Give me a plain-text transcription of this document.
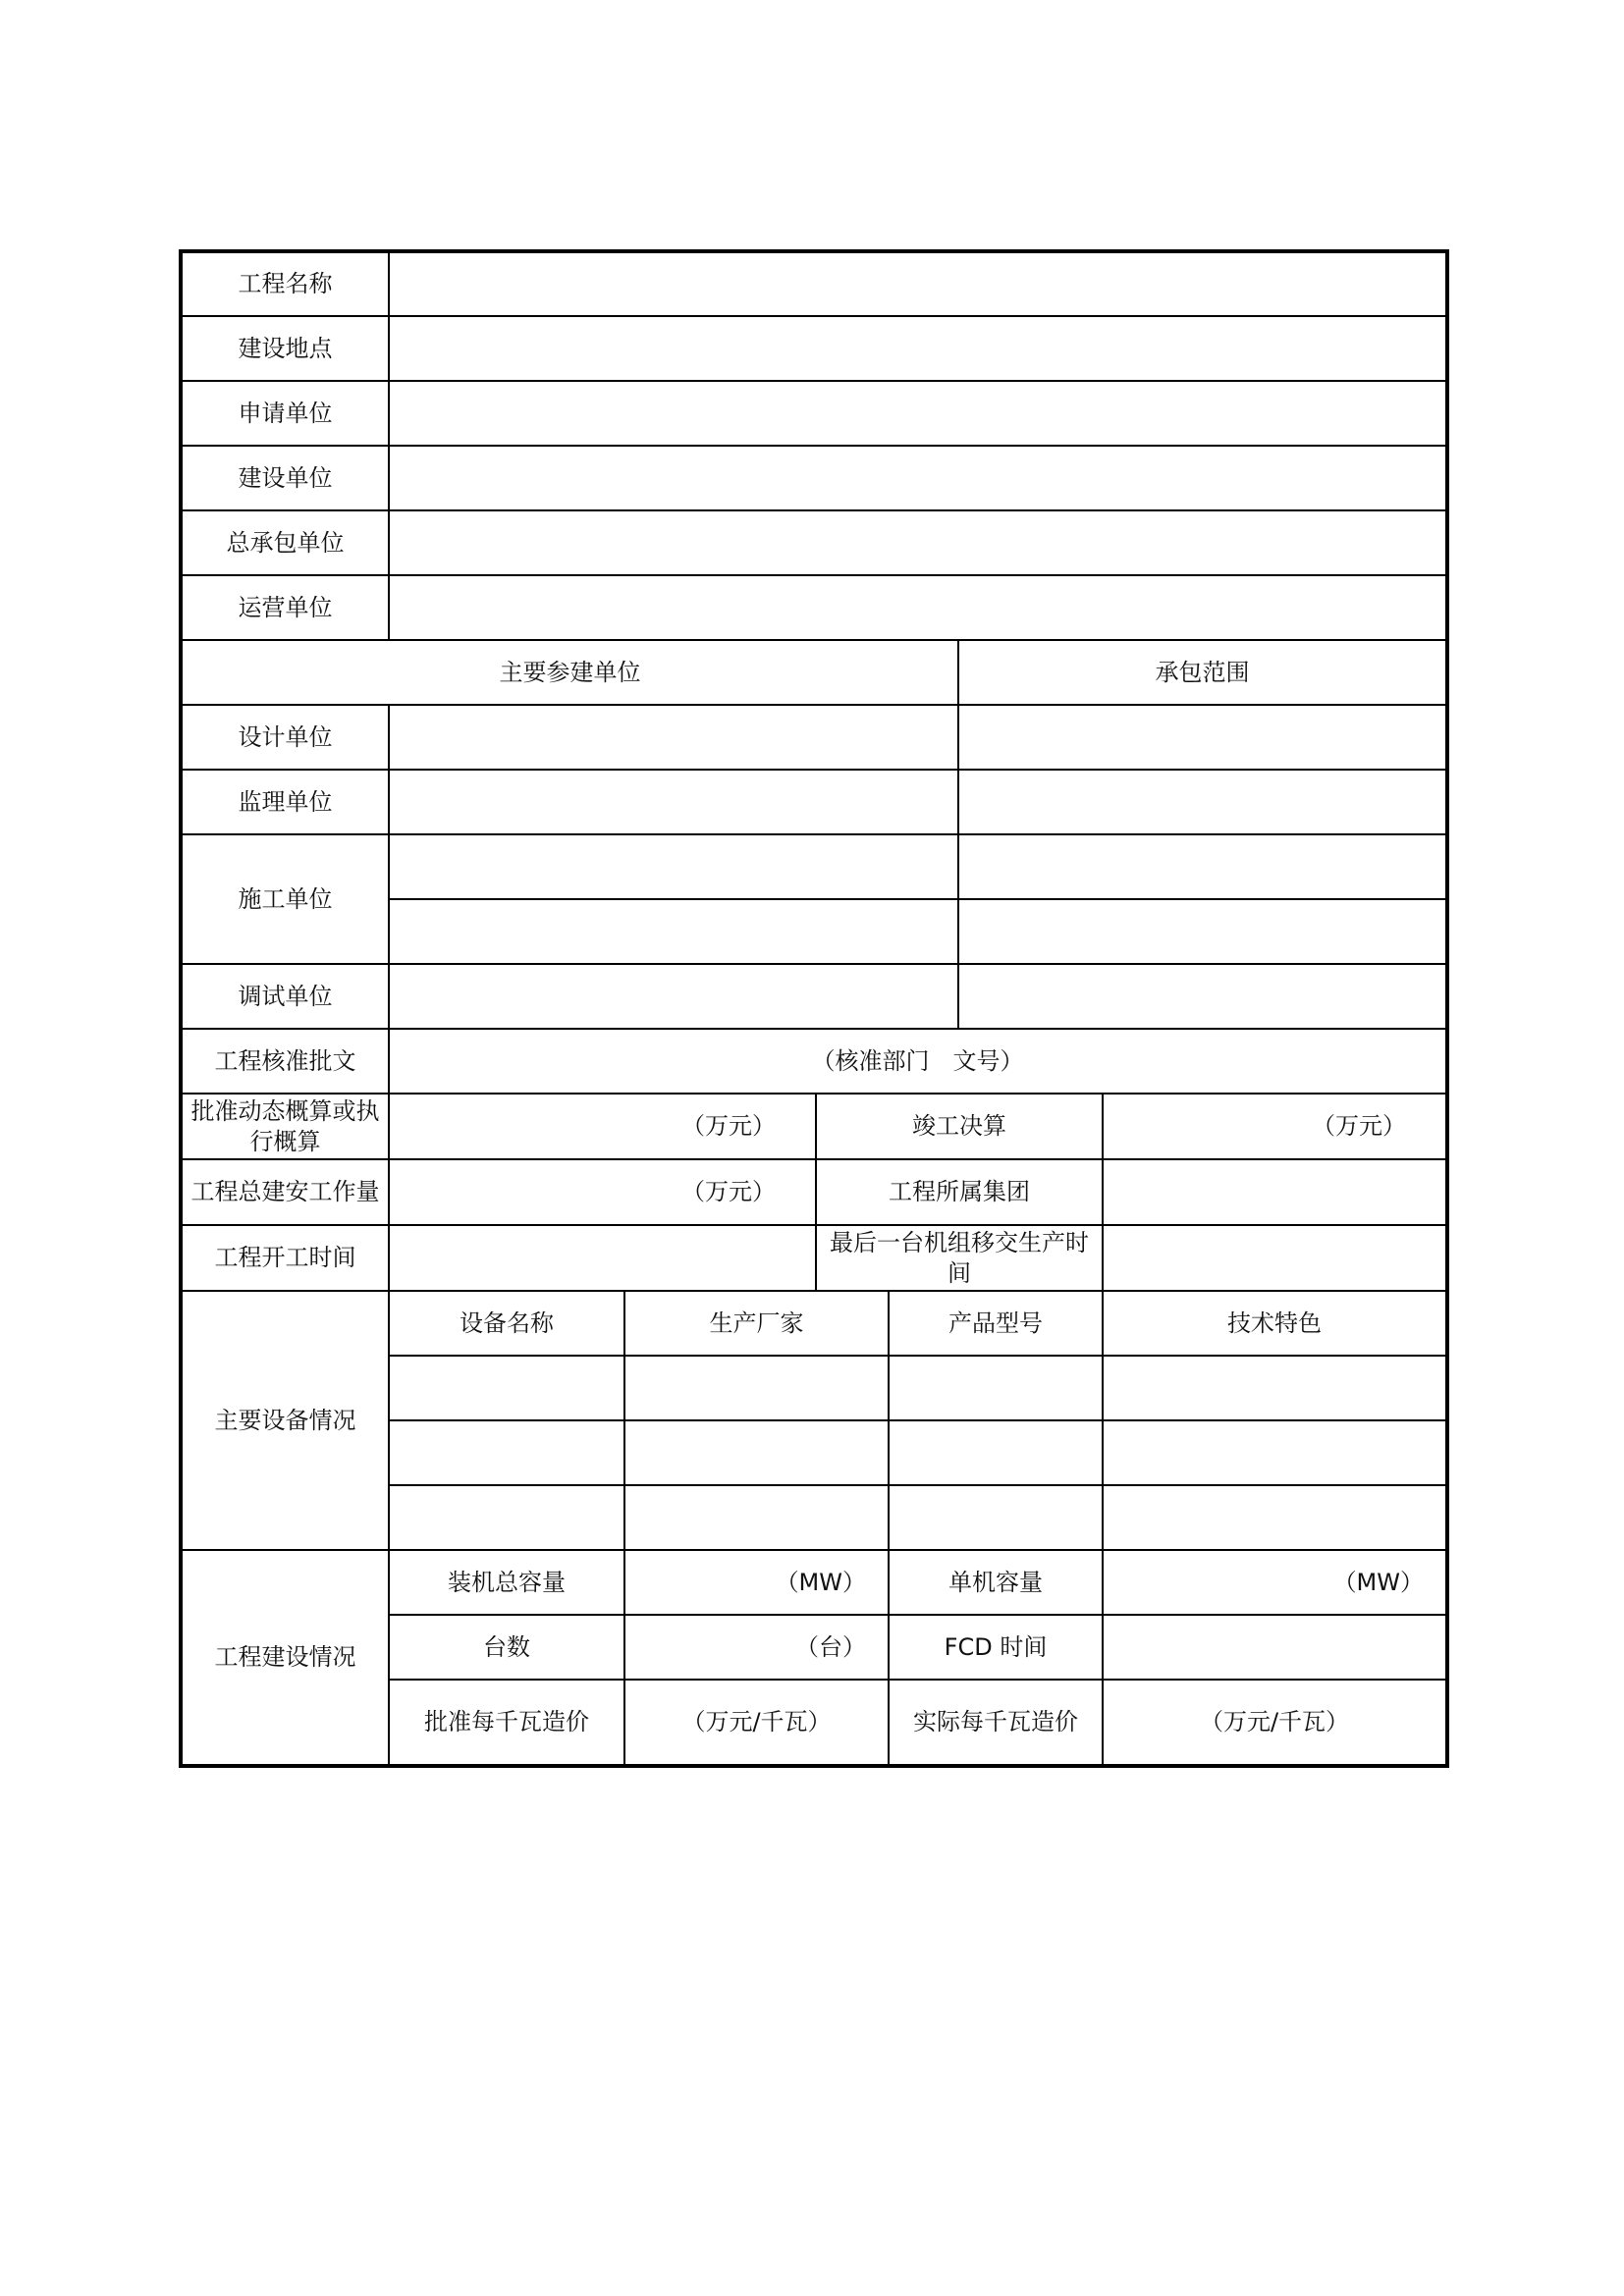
工程名称						
建设地点						
申请单位						
建设单位						
总承包单位						
运营单位						
主要参建单位					承包范围	
设计单位						
监理单位						
施工单位						

调试单位						
工程核准批文	（核准部门　文号）					
批准动态概算或执行概算	（万元）		竣工决算			（万元）
工程总建安工作量	（万元）		工程所属集团			
工程开工时间			最后一台机组移交生产时间			
主要设备情况	设备名称	生产厂家		产品型号		技术特色

工程建设情况	装机总容量	（MW）		单机容量		（MW）
	台数	（台）		FCD 时间		
	批准每千瓦造价	（万元/千瓦）		实际每千瓦造价		（万元/千瓦）
